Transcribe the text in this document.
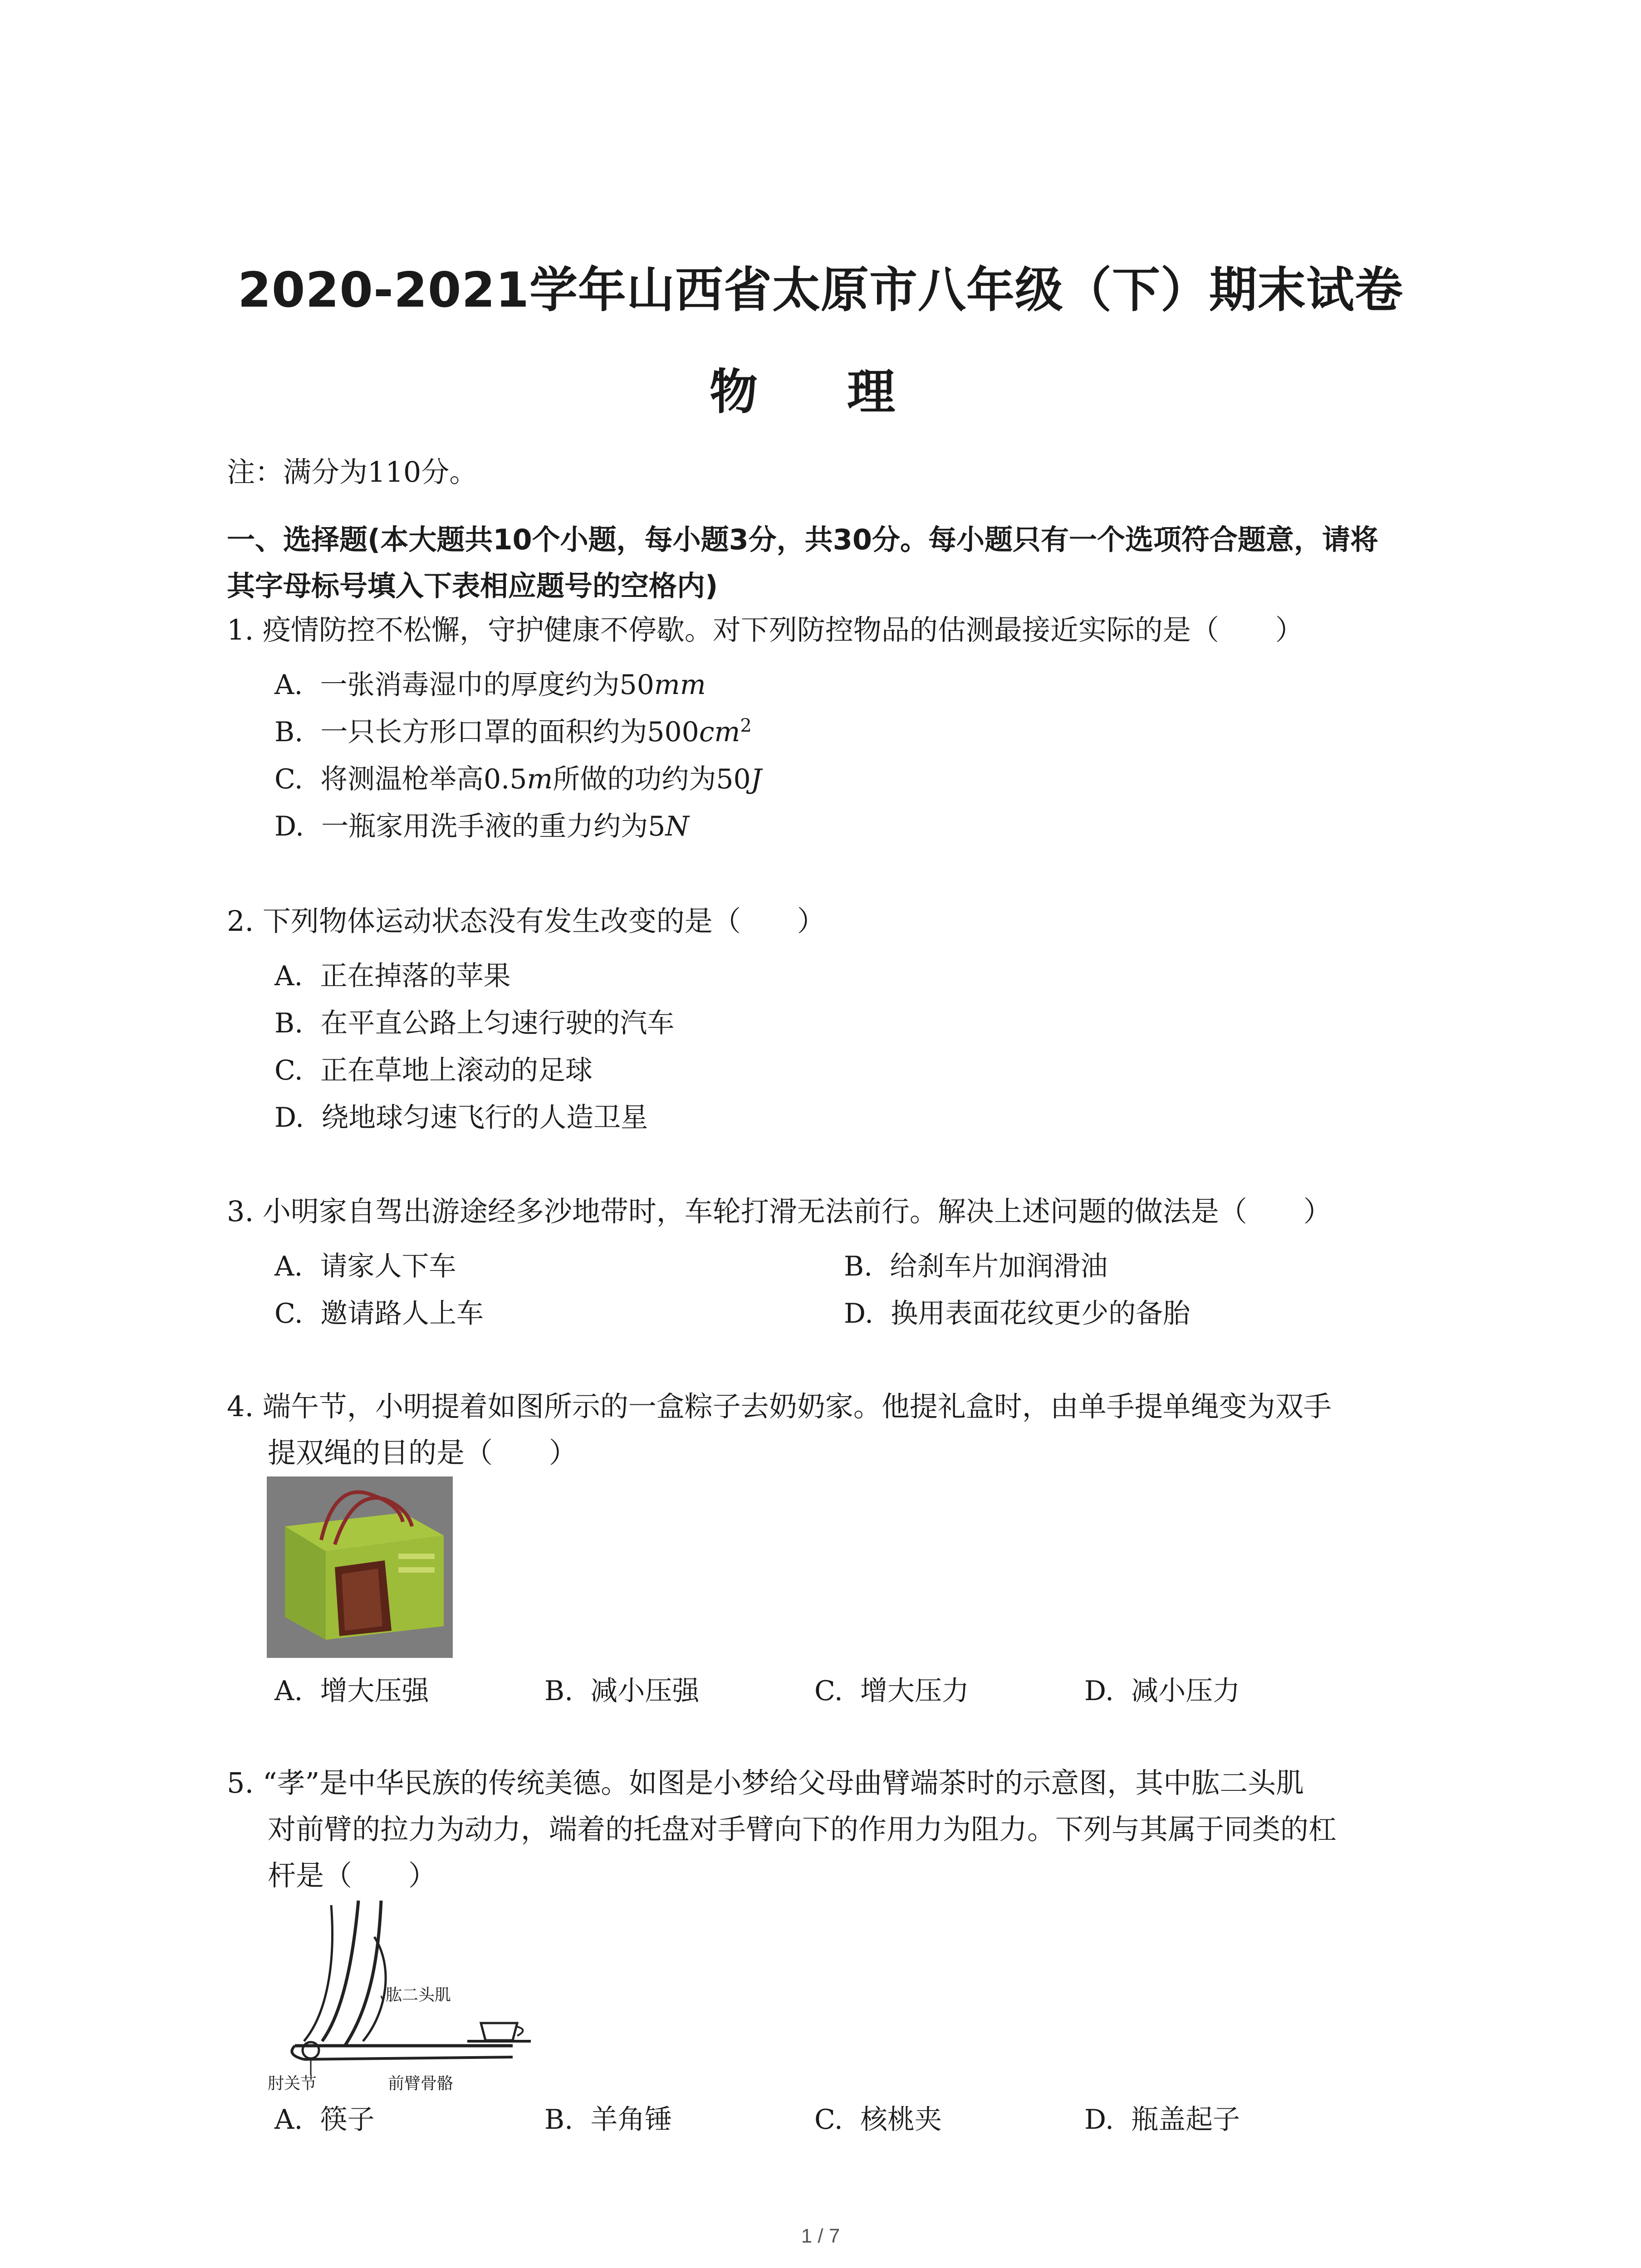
2020-2021学年山西省太原市八年级（下）期末试卷
物 理
注：满分为110分。
一、选择题(本大题共10个小题，每小题3分，共30分。每小题只有一个选项符合题意，请将
其字母标号填入下表相应题号的空格内)
1. 疫情防控不松懈，守护健康不停歇。对下列防控物品的估测最接近实际的是（　　）
A. 一张消毒湿巾的厚度约为50mm
B. 一只长方形口罩的面积约为$500cm^2$
C. 将测温枪举高0.5m所做的功约为50J
D. 一瓶家用洗手液的重力约为5N
2. 下列物体运动状态没有发生改变的是（　　）
A. 正在掉落的苹果
B. 在平直公路上匀速行驶的汽车
C. 正在草地上滚动的足球
D. 绕地球匀速飞行的人造卫星
3. 小明家自驾出游途经多沙地带时，车轮打滑无法前行。解决上述问题的做法是（　　）
A. 请家人下车	B. 给刹车片加润滑油
C. 邀请路人上车	D. 换用表面花纹更少的备胎
4. 端午节，小明提着如图所示的一盒粽子去奶奶家。他提礼盒时，由单手提单绳变为双手
提双绳的目的是（　　）
A. 增大压强	B. 减小压强	C. 增大压力	D. 减小压力
5. “孝”是中华民族的传统美德。如图是小梦给父母曲臂端茶时的示意图，其中肱二头肌
对前臂的拉力为动力，端着的托盘对手臂向下的作用力为阻力。下列与其属于同类的杠
杆是（　　）
肱二头肌
肘关节	前臂骨骼
A. 筷子	B. 羊角锤	C. 核桃夹	D. 瓶盖起子
1 / 7
